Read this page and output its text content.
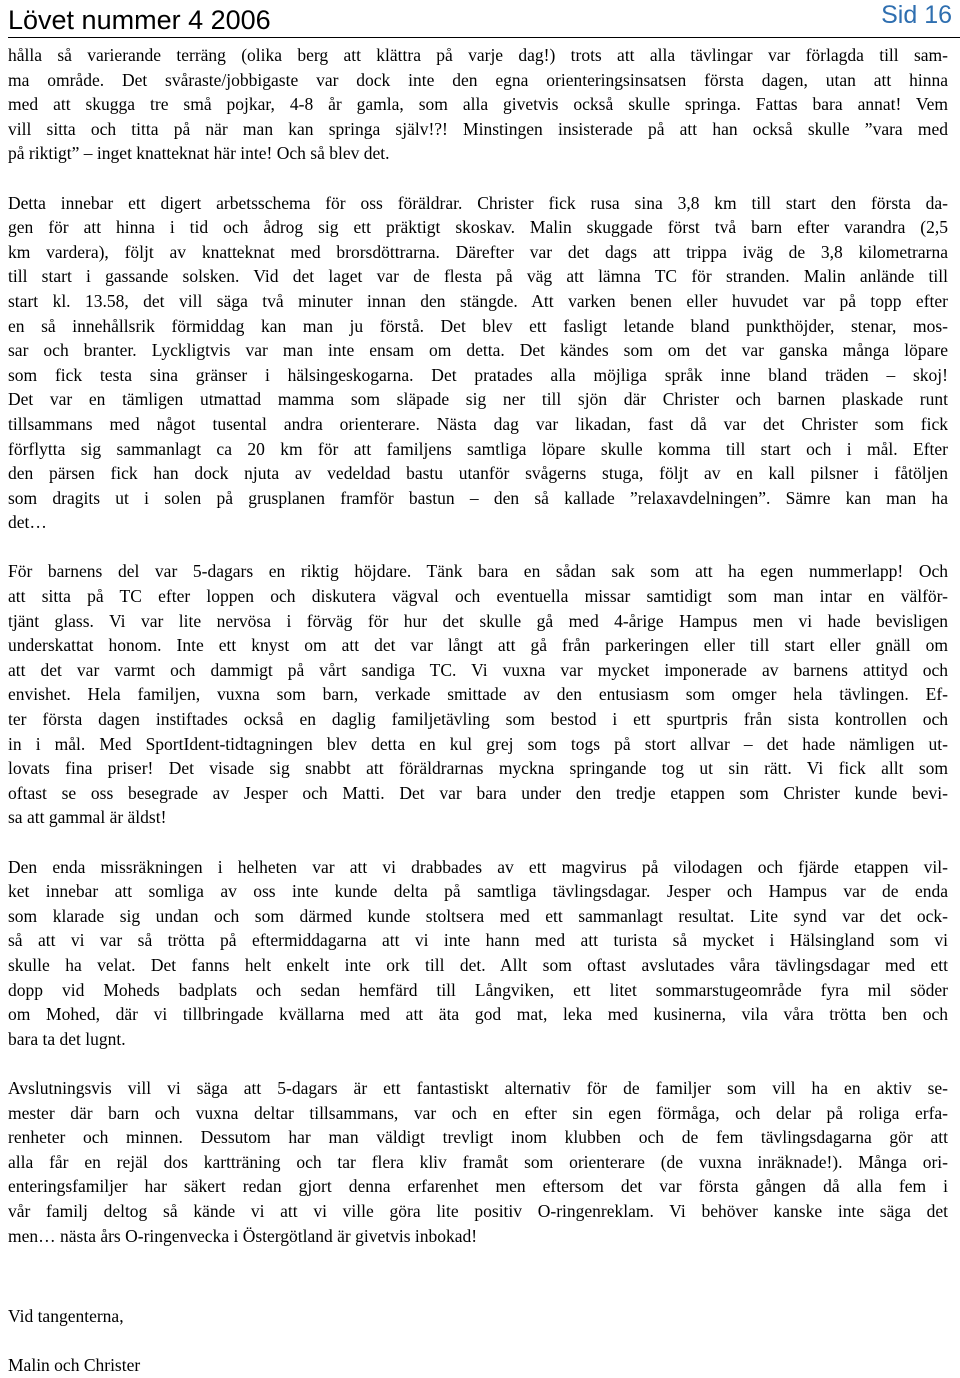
Lövet nummer 4 2006	Sid 16
hålla så varierande terräng (olika berg att klättra på varje dag!) trots att alla tävlingar var förlagda till sam-
ma område. Det svåraste/jobbigaste var dock inte den egna orienteringsinsatsen första dagen, utan att hinna
med att skugga tre små pojkar, 4-8 år gamla, som alla givetvis också skulle springa. Fattas bara annat! Vem
vill sitta och titta på när man kan springa själv!?! Minstingen insisterade på att han också skulle ”vara med
på riktigt” – inget knatteknat här inte! Och så blev det.
Detta innebar ett digert arbetsschema för oss föräldrar. Christer fick rusa sina 3,8 km till start den första da-
gen för att hinna i tid och ådrog sig ett präktigt skoskav. Malin skuggade först två barn efter varandra (2,5
km vardera), följt av knatteknat med brorsdöttrarna. Därefter var det dags att trippa iväg de 3,8 kilometrarna
till start i gassande solsken. Vid det laget var de flesta på väg att lämna TC för stranden. Malin anlände till
start kl. 13.58, det vill säga två minuter innan den stängde. Att varken benen eller huvudet var på topp efter
en så innehållsrik förmiddag kan man ju förstå. Det blev ett fasligt letande bland punkthöjder, stenar, mos-
sar och branter. Lyckligtvis var man inte ensam om detta. Det kändes som om det var ganska många löpare
som fick testa sina gränser i hälsingeskogarna. Det pratades alla möjliga språk inne bland träden – skoj!
Det var en tämligen utmattad mamma som släpade sig ner till sjön där Christer och barnen plaskade runt
tillsammans med något tusental andra orienterare. Nästa dag var likadan, fast då var det Christer som fick
förflytta sig sammanlagt ca 20 km för att familjens samtliga löpare skulle komma till start och i mål. Efter
den pärsen fick han dock njuta av vedeldad bastu utanför svågerns stuga, följt av en kall pilsner i fåtöljen
som dragits ut i solen på grusplanen framför bastun – den så kallade ”relaxavdelningen”. Sämre kan man ha
det…
För barnens del var 5-dagars en riktig höjdare. Tänk bara en sådan sak som att ha egen nummerlapp! Och
att sitta på TC efter loppen och diskutera vägval och eventuella missar samtidigt som man intar en välför-
tjänt glass. Vi var lite nervösa i förväg för hur det skulle gå med 4-årige Hampus men vi hade bevisligen
underskattat honom. Inte ett knyst om att det var långt att gå från parkeringen eller till start eller gnäll om
att det var varmt och dammigt på vårt sandiga TC. Vi vuxna var mycket imponerade av barnens attityd och
envishet. Hela familjen, vuxna som barn, verkade smittade av den entusiasm som omger hela tävlingen. Ef-
ter första dagen instiftades också en daglig familjetävling som bestod i ett spurtpris från sista kontrollen och
in i mål. Med SportIdent-tidtagningen blev detta en kul grej som togs på stort allvar – det hade nämligen ut-
lovats fina priser! Det visade sig snabbt att föräldrarnas myckna springande tog ut sin rätt. Vi fick allt som
oftast se oss besegrade av Jesper och Matti. Det var bara under den tredje etappen som Christer kunde bevi-
sa att gammal är äldst!
Den enda missräkningen i helheten var att vi drabbades av ett magvirus på vilodagen och fjärde etappen vil-
ket innebar att somliga av oss inte kunde delta på samtliga tävlingsdagar. Jesper och Hampus var de enda
som klarade sig undan och som därmed kunde stoltsera med ett sammanlagt resultat. Lite synd var det ock-
så att vi var så trötta på eftermiddagarna att vi inte hann med att turista så mycket i Hälsingland som vi
skulle ha velat. Det fanns helt enkelt inte ork till det. Allt som oftast avslutades våra tävlingsdagar med ett
dopp vid Moheds badplats och sedan hemfärd till Långviken, ett litet sommarstugeområde fyra mil söder
om Mohed, där vi tillbringade kvällarna med att äta god mat, leka med kusinerna, vila våra trötta ben och
bara ta det lugnt.
Avslutningsvis vill vi säga att 5-dagars är ett fantastiskt alternativ för de familjer som vill ha en aktiv se-
mester där barn och vuxna deltar tillsammans, var och en efter sin egen förmåga, och delar på roliga erfa-
renheter och minnen. Dessutom har man väldigt trevligt inom klubben och de fem tävlingsdagarna gör att
alla får en rejäl dos kartträning och tar flera kliv framåt som orienterare (de vuxna inräknade!). Många ori-
enteringsfamiljer har säkert redan gjort denna erfarenhet men eftersom det var första gången då alla fem i
vår familj deltog så kände vi att vi ville göra lite positiv O-ringenreklam. Vi behöver kanske inte säga det
men… nästa års O-ringenvecka i Östergötland är givetvis inbokad!
Vid tangenterna,
Malin och Christer
